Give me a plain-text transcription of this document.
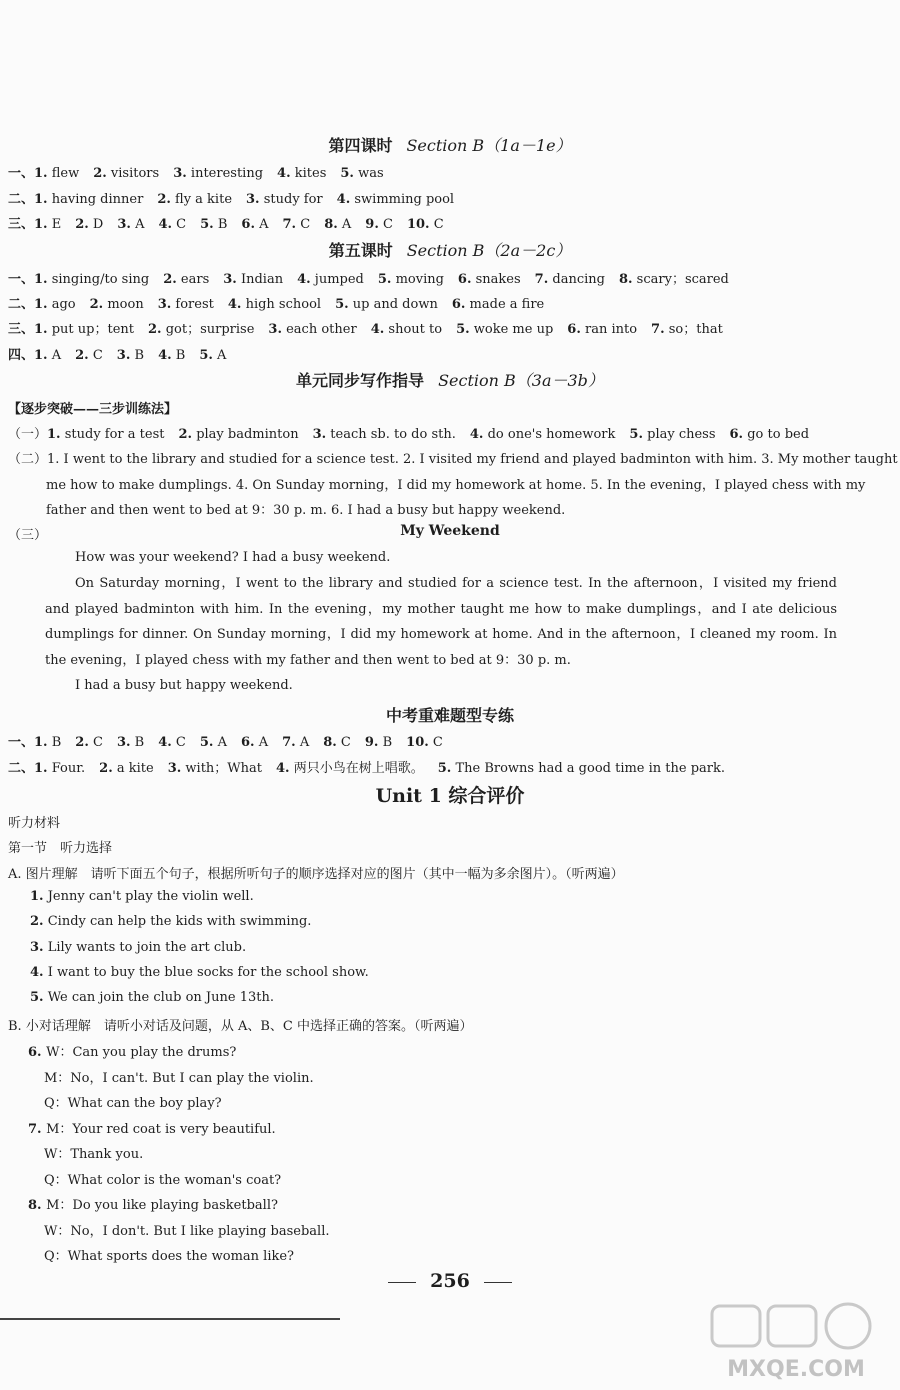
第四课时 Section B（1a－1e）
一、1. flew 2. visitors 3. interesting 4. kites 5. was
二、1. having dinner 2. fly a kite 3. study for 4. swimming pool
三、1. E 2. D 3. A 4. C 5. B 6. A 7. C 8. A 9. C 10. C
第五课时 Section B（2a－2c）
一、1. singing/to sing 2. ears 3. Indian 4. jumped 5. moving 6. snakes 7. dancing 8. scary；scared
二、1. ago 2. moon 3. forest 4. high school 5. up and down 6. made a fire
三、1. put up；tent 2. got；surprise 3. each other 4. shout to 5. woke me up 6. ran into 7. so；that
四、1. A 2. C 3. B 4. B 5. A
单元同步写作指导 Section B（3a－3b）
【逐步突破——三步训练法】
（一）1. study for a test 2. play badminton 3. teach sb. to do sth. 4. do one's homework 5. play chess 6. go to bed
（二）1. I went to the library and studied for a science test. 2. I visited my friend and played badminton with him. 3. My mother taught
me how to make dumplings. 4. On Sunday morning，I did my homework at home. 5. In the evening，I played chess with my
father and then went to bed at 9：30 p. m. 6. I had a busy but happy weekend.
（三）	My Weekend
How was your weekend? I had a busy weekend.
On Saturday morning，I went to the library and studied for a science test. In the afternoon，I visited my friend and played badminton with him. In the evening，my mother taught me how to make dumplings，and I ate delicious dumplings for dinner. On Sunday morning，I did my homework at home. And in the afternoon，I cleaned my room. In the evening，I played chess with my father and then went to bed at 9：30 p. m.
I had a busy but happy weekend.
中考重难题型专练
一、1. B 2. C 3. B 4. C 5. A 6. A 7. A 8. C 9. B 10. C
二、1. Four. 2. a kite 3. with；What 4. 两只小鸟在树上唱歌。 5. The Browns had a good time in the park.
Unit 1 综合评价
听力材料
第一节　听力选择
A. 图片理解　请听下面五个句子，根据所听句子的顺序选择对应的图片（其中一幅为多余图片）。（听两遍）
1. Jenny can't play the violin well.
2. Cindy can help the kids with swimming.
3. Lily wants to join the art club.
4. I want to buy the blue socks for the school show.
5. We can join the club on June 13th.
B. 小对话理解　请听小对话及问题，从 A、B、C 中选择正确的答案。（听两遍）
6. W：Can you play the drums?
M：No，I can't. But I can play the violin.
Q：What can the boy play?
7. M：Your red coat is very beautiful.
W：Thank you.
Q：What color is the woman's coat?
8. M：Do you like playing basketball?
W：No，I don't. But I like playing baseball.
Q：What sports does the woman like?
256
MXQE.COM
